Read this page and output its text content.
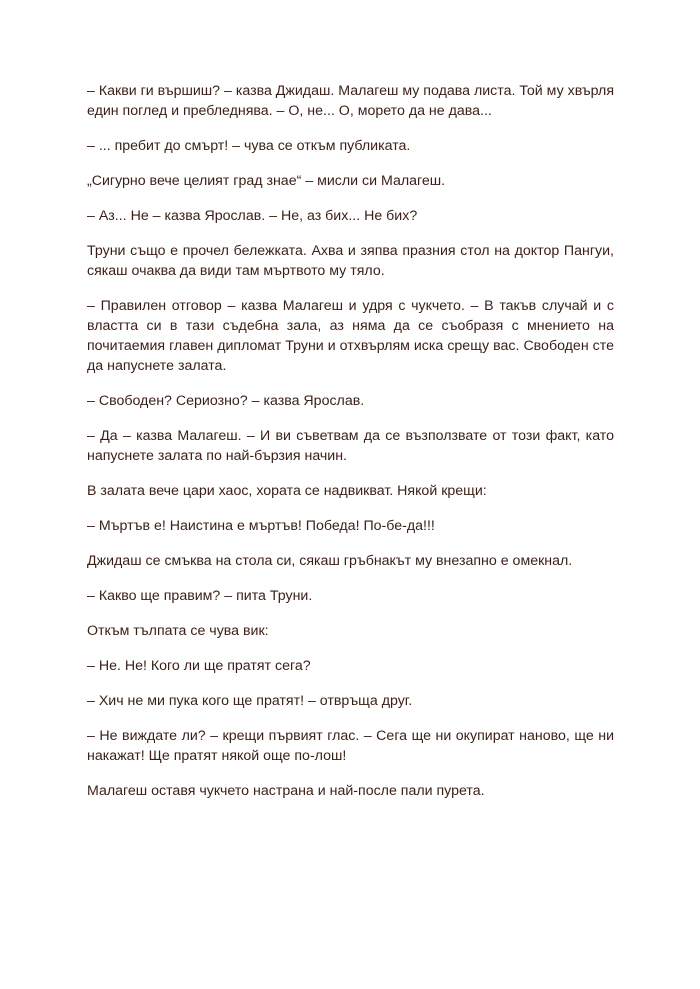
– Какви ги вършиш? – казва Джидаш. Малагеш му подава листа. Той му хвърля един поглед и пребледнява. – О, не... О, морето да не дава...

– ... пребит до смърт! – чува се откъм публиката.

„Сигурно вече целият град знае“ – мисли си Малагеш.

– Аз... Не – казва Ярослав. – Не, аз бих... Не бих?

Труни също е прочел бележката. Ахва и зяпва празния стол на доктор Пангуи, сякаш очаква да види там мъртвото му тяло.

– Правилен отговор – казва Малагеш и удря с чукчето. – В такъв случай и с властта си в тази съдебна зала, аз няма да се съобразя с мнението на почитаемия главен дипломат Труни и отхвърлям иска срещу вас. Свободен сте да напуснете залата.

– Свободен? Сериозно? – казва Ярослав.

– Да – казва Малагеш. – И ви съветвам да се възползвате от този факт, като напуснете залата по най-бързия начин.

В залата вече цари хаос, хората се надвикват. Някой крещи:

– Мъртъв е! Наистина е мъртъв! Победа! По-бе-да!!!

Джидаш се смъква на стола си, сякаш гръбнакът му внезапно е омекнал.

– Какво ще правим? – пита Труни.

Откъм тълпата се чува вик:

– Не. Не! Кого ли ще пратят сега?

– Хич не ми пука кого ще пратят! – отвръща друг.

– Не виждате ли? – крещи първият глас. – Сега ще ни окупират наново, ще ни накажат! Ще пратят някой още по-лош!

Малагеш оставя чукчето настрана и най-после пали пурета.
